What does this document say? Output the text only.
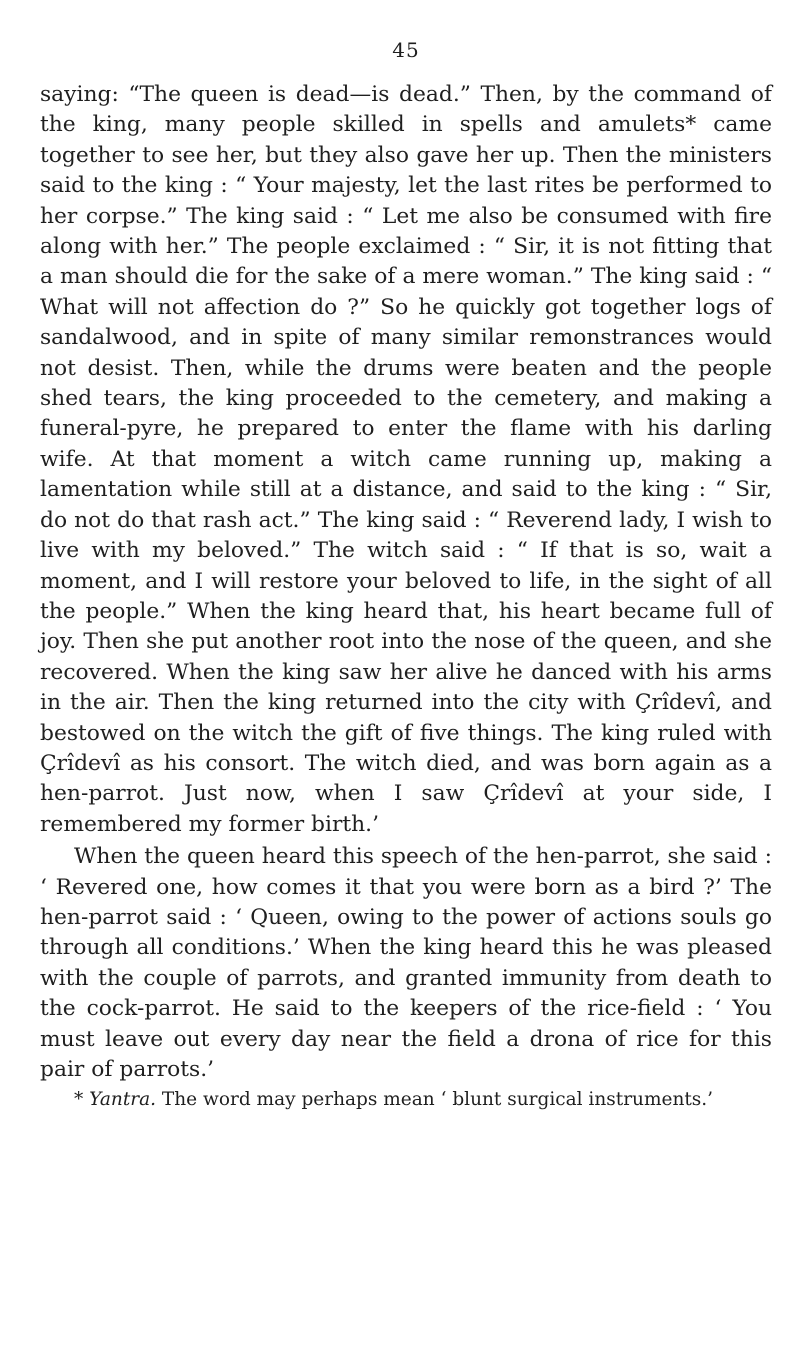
45

saying: “The queen is dead—is dead.” Then, by the command of the king, many people skilled in spells and amulets* came together to see her, but they also gave her up. Then the ministers said to the king : “ Your majesty, let the last rites be performed to her corpse.” The king said : “ Let me also be consumed with fire along with her.” The people exclaimed : “ Sir, it is not fitting that a man should die for the sake of a mere woman.” The king said : “ What will not affection do ?” So he quickly got together logs of sandalwood, and in spite of many similar remonstrances would not desist. Then, while the drums were beaten and the people shed tears, the king proceeded to the cemetery, and making a funeral-pyre, he prepared to enter the flame with his darling wife. At that moment a witch came running up, making a lamentation while still at a distance, and said to the king : “ Sir, do not do that rash act.” The king said : “ Reverend lady, I wish to live with my beloved.” The witch said : “ If that is so, wait a moment, and I will restore your beloved to life, in the sight of all the people.” When the king heard that, his heart became full of joy. Then she put another root into the nose of the queen, and she recovered. When the king saw her alive he danced with his arms in the air. Then the king returned into the city with Çrîdevî, and bestowed on the witch the gift of five things. The king ruled with Çrîdevî as his consort. The witch died, and was born again as a hen-parrot. Just now, when I saw Çrîdevî at your side, I remembered my former birth.’

When the queen heard this speech of the hen-parrot, she said : ‘ Revered one, how comes it that you were born as a bird ?’ The hen-parrot said : ‘ Queen, owing to the power of actions souls go through all conditions.’ When the king heard this he was pleased with the couple of parrots, and granted immunity from death to the cock-parrot. He said to the keepers of the rice-field : ‘ You must leave out every day near the field a drona of rice for this pair of parrots.’

* Yantra. The word may perhaps mean ‘ blunt surgical instruments.’
